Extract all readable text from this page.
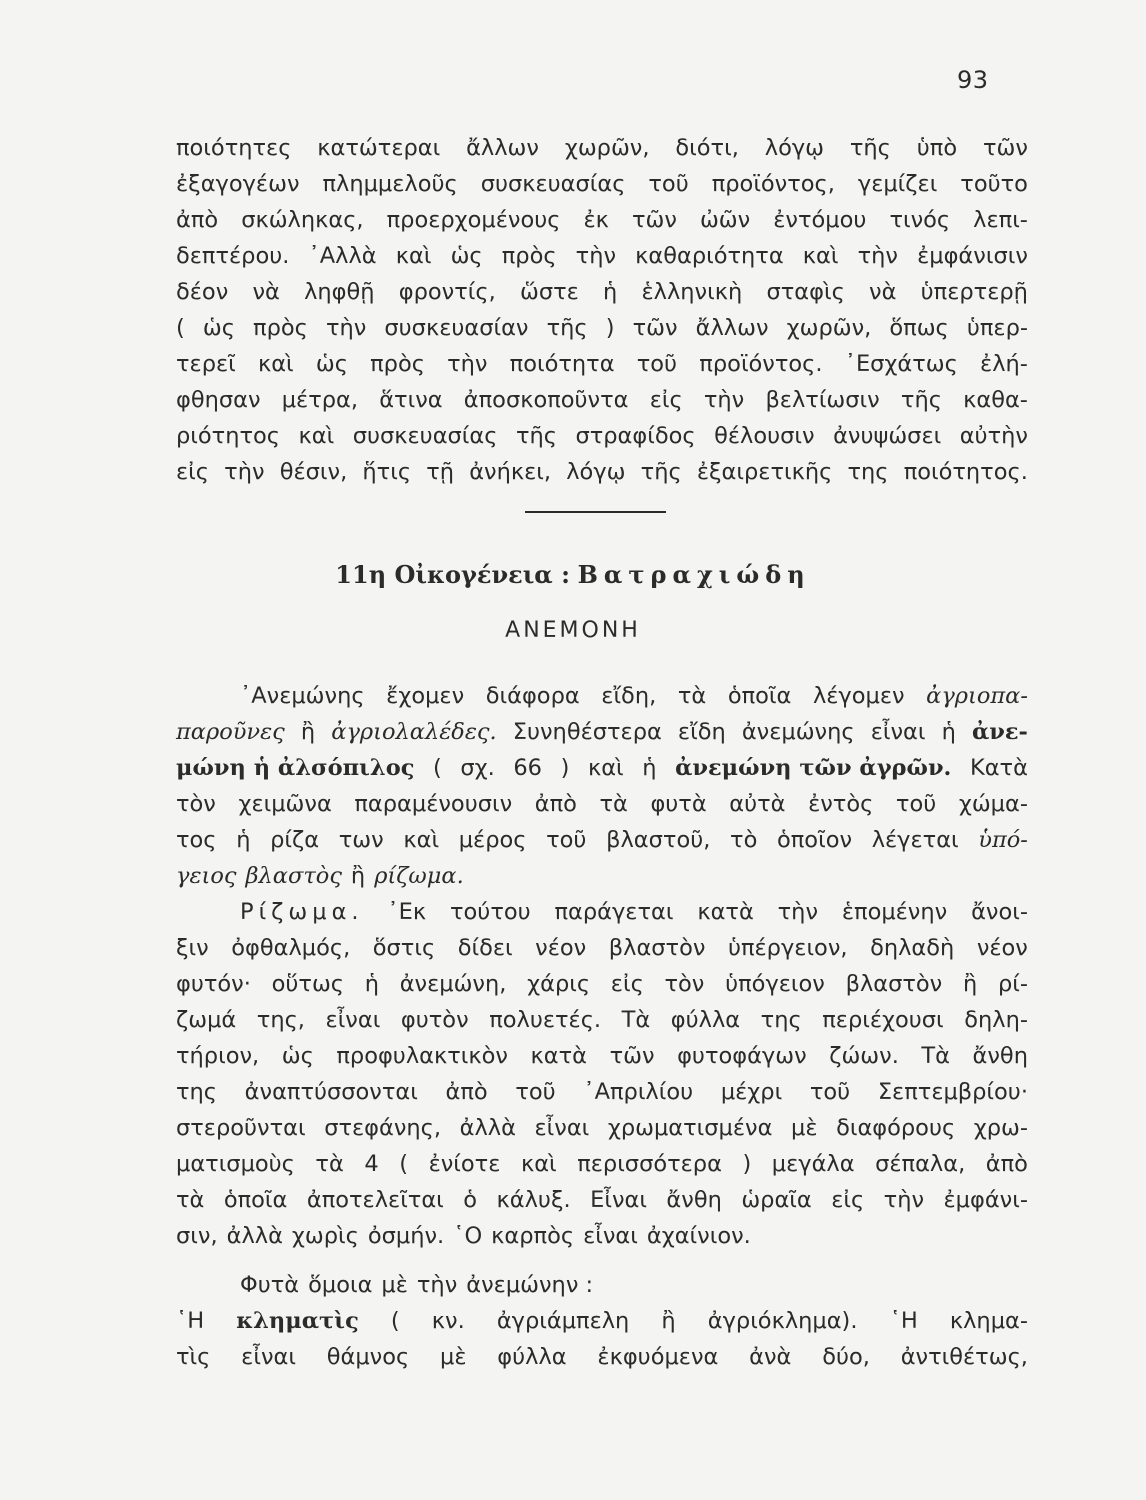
93
ποιότητες κατώτεραι ἄλλων χωρῶν, διότι, λόγῳ τῆς ὑπὸ τῶν
ἐξαγογέων πλημμελοῦς συσκευασίας τοῦ προϊόντος, γεμίζει τοῦτο
ἀπὸ σκώληκας, προερχομένους ἐκ τῶν ὠῶν ἐντόμου τινός λεπι-
δεπτέρου. ᾿Αλλὰ καὶ ὡς πρὸς τὴν καθαριότητα καὶ τὴν ἐμφάνισιν
δέον νὰ ληφθῇ φροντίς, ὥστε ἡ ἑλληνικὴ σταφὶς νὰ ὑπερτερῇ
( ὡς πρὸς τὴν συσκευασίαν τῆς ) τῶν ἄλλων χωρῶν, ὅπως ὑπερ-
τερεῖ καὶ ὡς πρὸς τὴν ποιότητα τοῦ προϊόντος. ᾿Εσχάτως ἐλή-
φθησαν μέτρα, ἅτινα ἀποσκοποῦντα εἰς τὴν βελτίωσιν τῆς καθα-
ριότητος καὶ συσκευασίας τῆς στραφίδος θέλουσιν ἀνυψώσει αὐτὴν
εἰς τὴν θέσιν, ἥτις τῇ ἀνήκει, λόγῳ τῆς ἐξαιρετικῆς της ποιότητος.
11η Οἰκογένεια : Βατραχιώδη
ΑΝΕΜΟΝΗ
᾿Ανεμώνης ἔχομεν διάφορα εἴδη, τὰ ὁποῖα λέγομεν ἀγριοπα-
παρoῦνες ἢ ἀγριολαλέδες. Συνηθέστερα εἴδη ἀνεμώνης εἶναι ἡ ἀνε-
μώνη ἡ ἀλσόπιλος ( σχ. 66 ) καὶ ἡ ἀνεμώνη τῶν ἀγρῶν. Κατὰ
τὸν χειμῶνα παραμένουσιν ἀπὸ τὰ φυτὰ αὐτὰ ἐντὸς τοῦ χώμα-
τος ἡ ρίζα των καὶ μέρος τοῦ βλαστοῦ, τὸ ὁποῖον λέγεται ὑπό-
γειος βλαστὸς ἢ ρίζωμα.
Ρίζωμα. ᾿Εκ τούτου παράγεται κατὰ τὴν ἑπομένην ἄνοι-
ξιν ὀφθαλμός, ὅστις δίδει νέον βλαστὸν ὑπέργειον, δηλαδὴ νέον
φυτόν· οὕτως ἡ ἀνεμώνη, χάρις εἰς τὸν ὑπόγειον βλαστὸν ἢ ρί-
ζωμά της, εἶναι φυτὸν πολυετές. Τὰ φύλλα της περιέχουσι δηλη-
τήριον, ὡς προφυλακτικὸν κατὰ τῶν φυτοφάγων ζώων. Τὰ ἄνθη
της ἀναπτύσσονται ἀπὸ τοῦ ᾿Απριλίου μέχρι τοῦ Σεπτεμβρίου·
στεροῦνται στεφάνης, ἀλλὰ εἶναι χρωματισμένα μὲ διαφόρους χρω-
ματισμοὺς τὰ 4 ( ἐνίοτε καὶ περισσότερα ) μεγάλα σέπαλα, ἀπὸ
τὰ ὁποῖα ἀποτελεῖται ὁ κάλυξ. Εἶναι ἄνθη ὡραῖα εἰς τὴν ἐμφάνι-
σιν, ἀλλὰ χωρὶς ὀσμήν. ῾Ο καρπὸς εἶναι ἀχαίνιον.
Φυτὰ ὅμοια μὲ τὴν ἀνεμώνην :
῾Η κληματὶς ( κν. ἀγριάμπελη ἢ ἀγριόκλημα). ῾Η κλημα-
τὶς εἶναι θάμνος μὲ φύλλα ἐκφυόμενα ἀνὰ δύο, ἀντιθέτως,
